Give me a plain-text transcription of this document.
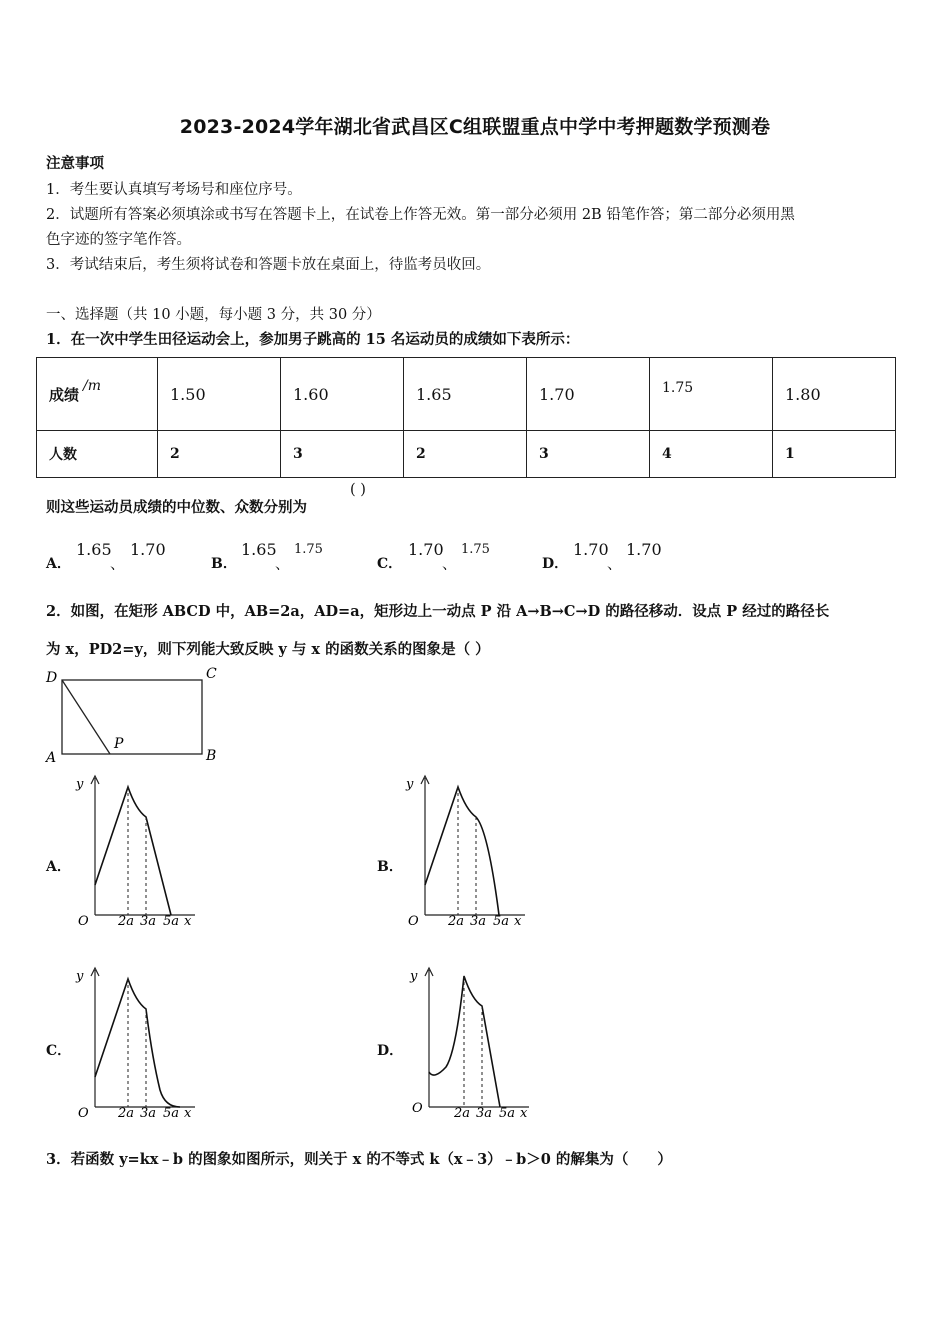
2023-2024学年湖北省武昌区C组联盟重点中学中考押题数学预测卷
注意事项
1．考生要认真填写考场号和座位序号。
2．试题所有答案必须填涂或书写在答题卡上，在试卷上作答无效。第一部分必须用 2B 铅笔作答；第二部分必须用黑
色字迹的签字笔作答。
3．考试结束后，考生须将试卷和答题卡放在桌面上，待监考员收回。
一、选择题（共 10 小题，每小题 3 分，共 30 分）
1．在一次中学生田径运动会上，参加男子跳高的 15 名运动员的成绩如下表所示：
成绩 /m	1.50	1.60	1.65	1.70	1.75	1.80
人数	2	3	2	3	4	1
则这些运动员成绩的中位数、众数分别为
( )
A．
1.65
、
1.70
B．
1.65
、
1.75
C．
1.70
、
1.75
D．
1.70
、
1.70
2．如图，在矩形 ABCD 中，AB=2a，AD=a，矩形边上一动点 P 沿 A→B→C→D 的路径移动．设点 P 经过的路径长
为 x，PD2=y，则下列能大致反映 y 与 x 的函数关系的图象是（ ）
D	C
A	B
P
A．	B．
C．	D．
y
O 2a 3a 5a x
y
O 2a 3a 5a x
y
O 2a 3a 5a x
y
O 2a 3a 5a x
3．若函数 y=kx﹣b 的图象如图所示，则关于 x 的不等式 k（x﹣3）﹣b＞0 的解集为（　　）
